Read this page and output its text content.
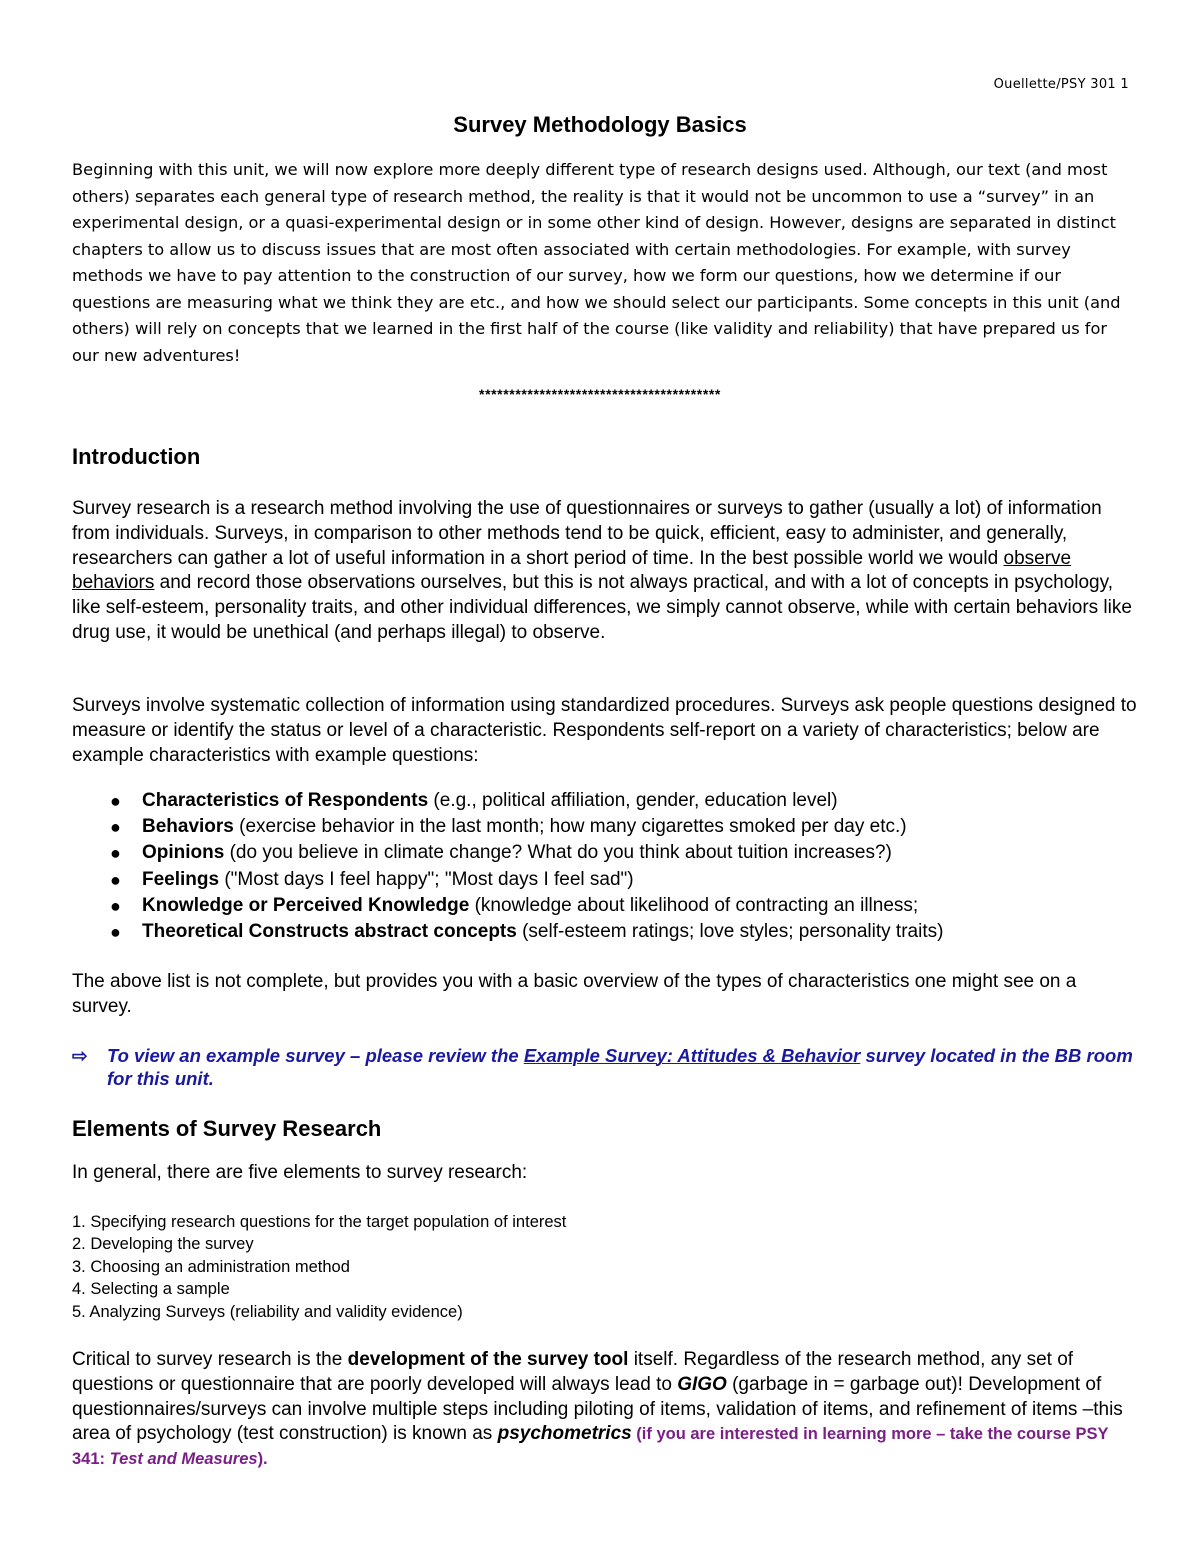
Ouellette/PSY 301 1
Survey Methodology Basics

Beginning with this unit, we will now explore more deeply different type of research designs used. Although, our text (and most others) separates each general type of research method, the reality is that it would not be uncommon to use a “survey” in an experimental design, or a quasi-experimental design or in some other kind of design. However, designs are separated in distinct chapters to allow us to discuss issues that are most often associated with certain methodologies. For example, with survey methods we have to pay attention to the construction of our survey, how we form our questions, how we determine if our questions are measuring what we think they are etc., and how we should select our participants. Some concepts in this unit (and others) will rely on concepts that we learned in the first half of the course (like validity and reliability) that have prepared us for our new adventures!

****************************************
Introduction

Survey research is a research method involving the use of questionnaires or surveys to gather (usually a lot) of information from individuals. Surveys, in comparison to other methods tend to be quick, efficient, easy to administer, and generally, researchers can gather a lot of useful information in a short period of time. In the best possible world we would observe behaviors and record those observations ourselves, but this is not always practical, and with a lot of concepts in psychology, like self-esteem, personality traits, and other individual differences, we simply cannot observe, while with certain behaviors like drug use, it would be unethical (and perhaps illegal) to observe.

Surveys involve systematic collection of information using standardized procedures. Surveys ask people questions designed to measure or identify the status or level of a characteristic. Respondents self-report on a variety of characteristics; below are example characteristics with example questions:

● Characteristics of Respondents (e.g., political affiliation, gender, education level)
● Behaviors (exercise behavior in the last month; how many cigarettes smoked per day etc.)
● Opinions (do you believe in climate change? What do you think about tuition increases?)
● Feelings ("Most days I feel happy"; "Most days I feel sad")
● Knowledge or Perceived Knowledge (knowledge about likelihood of contracting an illness;
● Theoretical Constructs abstract concepts (self-esteem ratings; love styles; personality traits)

The above list is not complete, but provides you with a basic overview of the types of characteristics one might see on a survey.

⇨ To view an example survey – please review the Example Survey: Attitudes & Behavior survey located in the BB room for this unit.
Elements of Survey Research

In general, there are five elements to survey research:

1. Specifying research questions for the target population of interest
2. Developing the survey
3. Choosing an administration method
4. Selecting a sample
5. Analyzing Surveys (reliability and validity evidence)

Critical to survey research is the development of the survey tool itself. Regardless of the research method, any set of questions or questionnaire that are poorly developed will always lead to GIGO (garbage in = garbage out)! Development of questionnaires/surveys can involve multiple steps including piloting of items, validation of items, and refinement of items –this area of psychology (test construction) is known as psychometrics (if you are interested in learning more – take the course PSY 341: Test and Measures).
